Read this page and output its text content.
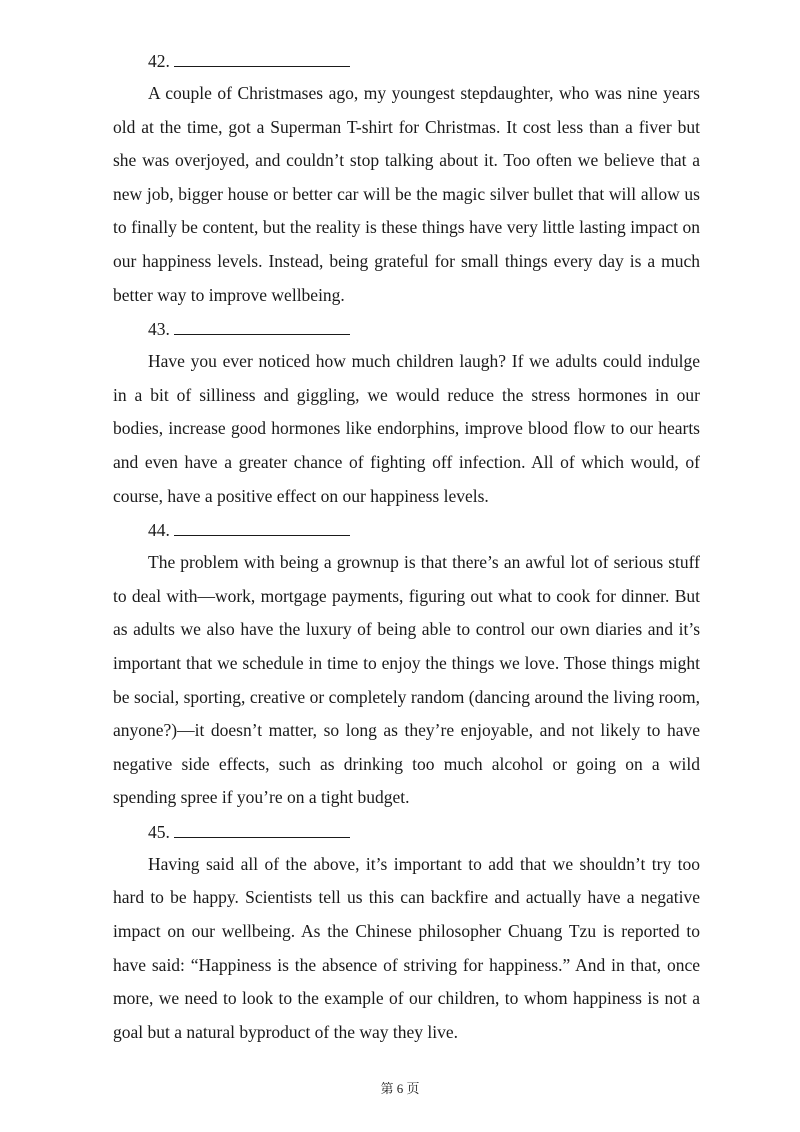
42.

A couple of Christmases ago, my youngest stepdaughter, who was nine years old at the time, got a Superman T-shirt for Christmas. It cost less than a fiver but she was overjoyed, and couldn’t stop talking about it. Too often we believe that a new job, bigger house or better car will be the magic silver bullet that will allow us to finally be content, but the reality is these things have very little lasting impact on our happiness levels. Instead, being grateful for small things every day is a much better way to improve wellbeing.

43.

Have you ever noticed how much children laugh? If we adults could indulge in a bit of silliness and giggling, we would reduce the stress hormones in our bodies, increase good hormones like endorphins, improve blood flow to our hearts and even have a greater chance of fighting off infection. All of which would, of course, have a positive effect on our happiness levels.

44.

The problem with being a grownup is that there’s an awful lot of serious stuff to deal with—work, mortgage payments, figuring out what to cook for dinner. But as adults we also have the luxury of being able to control our own diaries and it’s important that we schedule in time to enjoy the things we love. Those things might be social, sporting, creative or completely random (dancing around the living room, anyone?)—it doesn’t matter, so long as they’re enjoyable, and not likely to have negative side effects, such as drinking too much alcohol or going on a wild spending spree if you’re on a tight budget.

45.

Having said all of the above, it’s important to add that we shouldn’t try too hard to be happy. Scientists tell us this can backfire and actually have a negative impact on our wellbeing. As the Chinese philosopher Chuang Tzu is reported to have said: “Happiness is the absence of striving for happiness.” And in that, once more, we need to look to the example of our children, to whom happiness is not a goal but a natural byproduct of the way they live.

第 6 页
